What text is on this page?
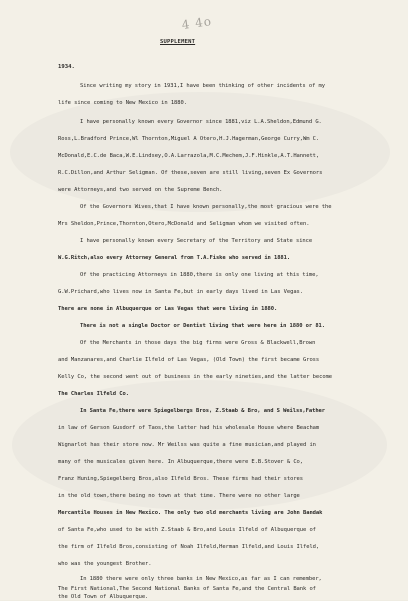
4 4o
SUPPLEMENT
1934.
Since writing my story in 1931,I have been thinking of other incidents of my
life since coming to New Mexico in 1880.
I have personally known every Governor since 1881,viz L.A.Sheldon,Edmund G.
Ross,L.Bradford Prince,Wl Thornton,Miguel A Otero,H.J.Hagerman,George Curry,Wm C.
McDonald,E.C.de Baca,W.E.Lindsey,O.A.Larrazola,M.C.Mechem,J.F.Hinkle,A.T.Hannett,
R.C.Dillon,and Arthur Seligman. Of these,seven are still living,seven Ex Governors
were Attorneys,and two served on the Supreme Bench.
Of the Governors Wives,that I have known personally,the most gracious were the
Mrs Sheldon,Prince,Thornton,Otero,McDonald and Seligman whom we visited often.
I have personally known every Secretary of the Territory and State since
W.G.Ritch,also every Attorney General from T.A.Fiske who served in 1881.
Of the practicing Attorneys in 1880,there is only one living at this time,
G.W.Prichard,who lives now in Santa Fe,but in early days lived in Las Vegas.
There are none in Albuquerque or Las Vegas that were living in 1880.
There is not a single Doctor or Dentist living that were here in 1880 or 81.
Of the Merchants in those days the big firms were Gross & Blackwell,Brown
and Manzanares,and Charlie Ilfeld of Las Vegas, (Old Town) the first became Gross
Kelly Co, the second went out of business in the early nineties,and the latter become
The Charles Ilfeld Co.
In Santa Fe,there were Spiegelbergs Bros, Z.Staab & Bro, and S Weilss,Father
in law of Gerson Gusdorf of Taos,the latter had his wholesale House where Beacham
Wignarlot has their store now. Mr Weilss was quite a fine musician,and played in
many of the musicales given here. In Albuquerque,there were E.B.Stover & Co,
Franz Huning,Spiegelberg Bros,also Ilfeld Bros. These firms had their stores
in the old town,there being no town at that time. There were no other large
Mercantile Houses in New Mexico. The only two old merchants living are John Bandak
of Santa Fe,who used to be with Z.Staab & Bro,and Louis Ilfeld of Albuquerque of
the firm of Ilfeld Bros,consisting of Noah Ilfeld,Herman Ilfeld,and Louis Ilfeld,
who was the youngest Brother.
In 1880 there were only three banks in New Mexico,as far as I can remember,
The First National,The Second National Banks of Santa Fe,and the Central Bank of
the Old Town of Albuquerque.
